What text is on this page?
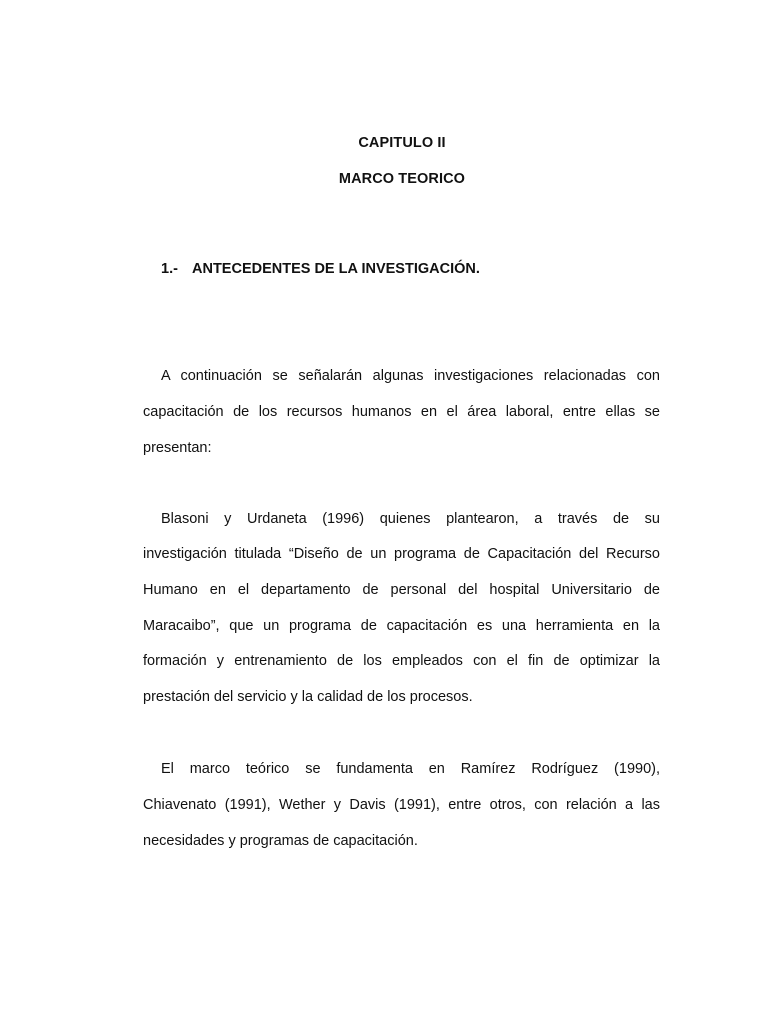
CAPITULO II
MARCO TEORICO
1.- ANTECEDENTES DE LA INVESTIGACIÓN.
A continuación se señalarán algunas investigaciones relacionadas con
capacitación de los recursos humanos en el área laboral, entre ellas se
presentan:
Blasoni y Urdaneta (1996) quienes plantearon, a través de su
investigación titulada “Diseño de un programa de Capacitación del Recurso
Humano en el departamento de personal del hospital Universitario de
Maracaibo”, que un programa de capacitación es una herramienta en la
formación y entrenamiento de los empleados con el fin de optimizar la
prestación del servicio y la calidad de los procesos.
El marco teórico se fundamenta en Ramírez Rodríguez (1990),
Chiavenato (1991), Wether y Davis (1991), entre otros, con relación a las
necesidades y programas de capacitación.
